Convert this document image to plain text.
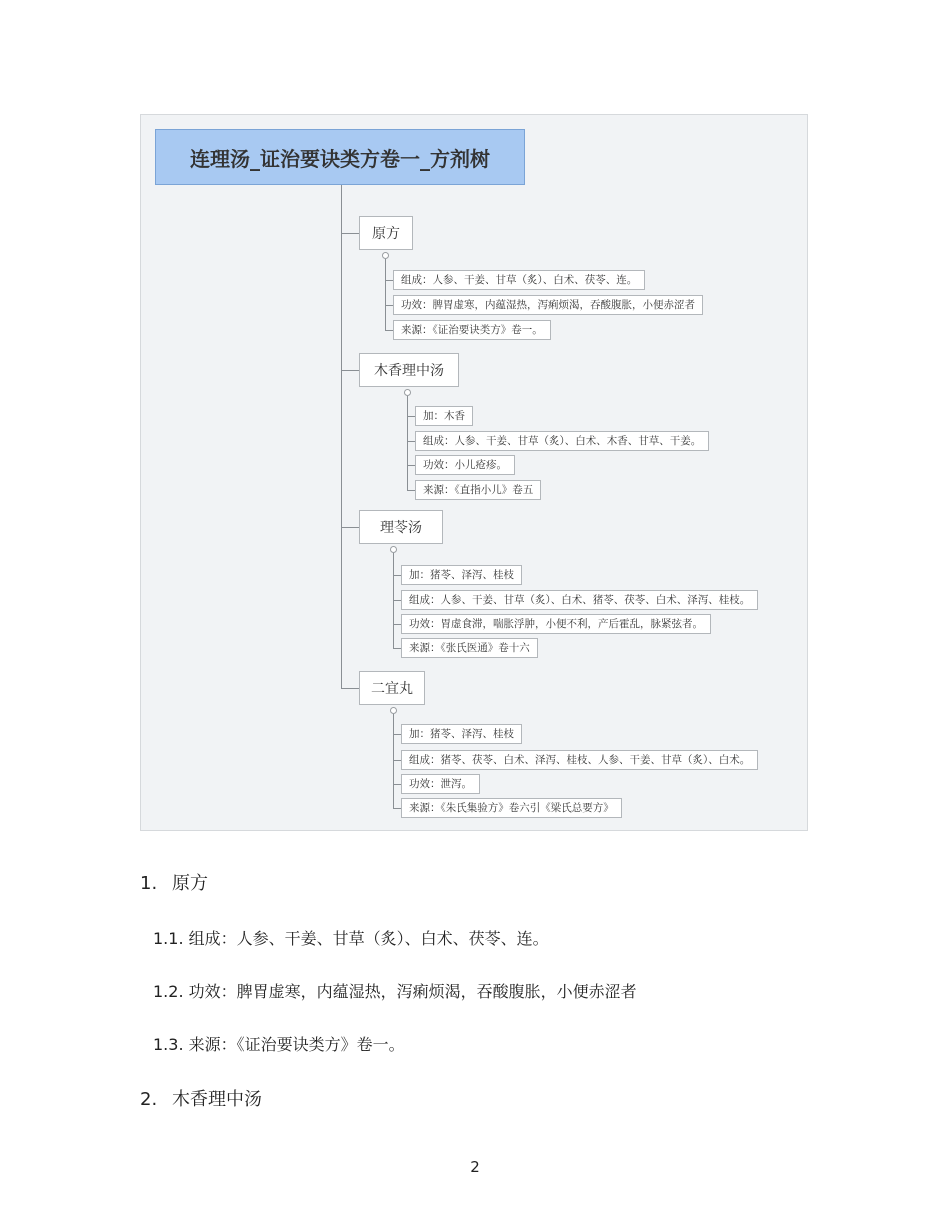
连理汤_证治要诀类方卷一_方剂树
原方
组成：人参、干姜、甘草（炙）、白术、茯苓、连。
功效：脾胃虚寒，内蕴湿热，泻痢烦渴，吞酸腹胀，小便赤涩者
来源：《证治要诀类方》卷一。
木香理中汤
加：木香
组成：人参、干姜、甘草（炙）、白术、木香、甘草、干姜。
功效：小儿疮疹。
来源：《直指小儿》卷五
理苓汤
加：猪苓、泽泻、桂枝
组成：人参、干姜、甘草（炙）、白术、猪苓、茯苓、白术、泽泻、桂枝。
功效：胃虚食滞，喘胀浮肿，小便不利，产后霍乱，脉紧弦者。
来源：《张氏医通》卷十六
二宜丸
加：猪苓、泽泻、桂枝
组成：猪苓、茯苓、白术、泽泻、桂枝、人参、干姜、甘草（炙）、白术。
功效：泄泻。
来源：《朱氏集验方》卷六引《梁氏总要方》
1. 原方
1.1. 组成：人参、干姜、甘草（炙）、白术、茯苓、连。
1.2. 功效：脾胃虚寒，内蕴湿热，泻痢烦渴，吞酸腹胀，小便赤涩者
1.3. 来源：《证治要诀类方》卷一。
2. 木香理中汤
2
